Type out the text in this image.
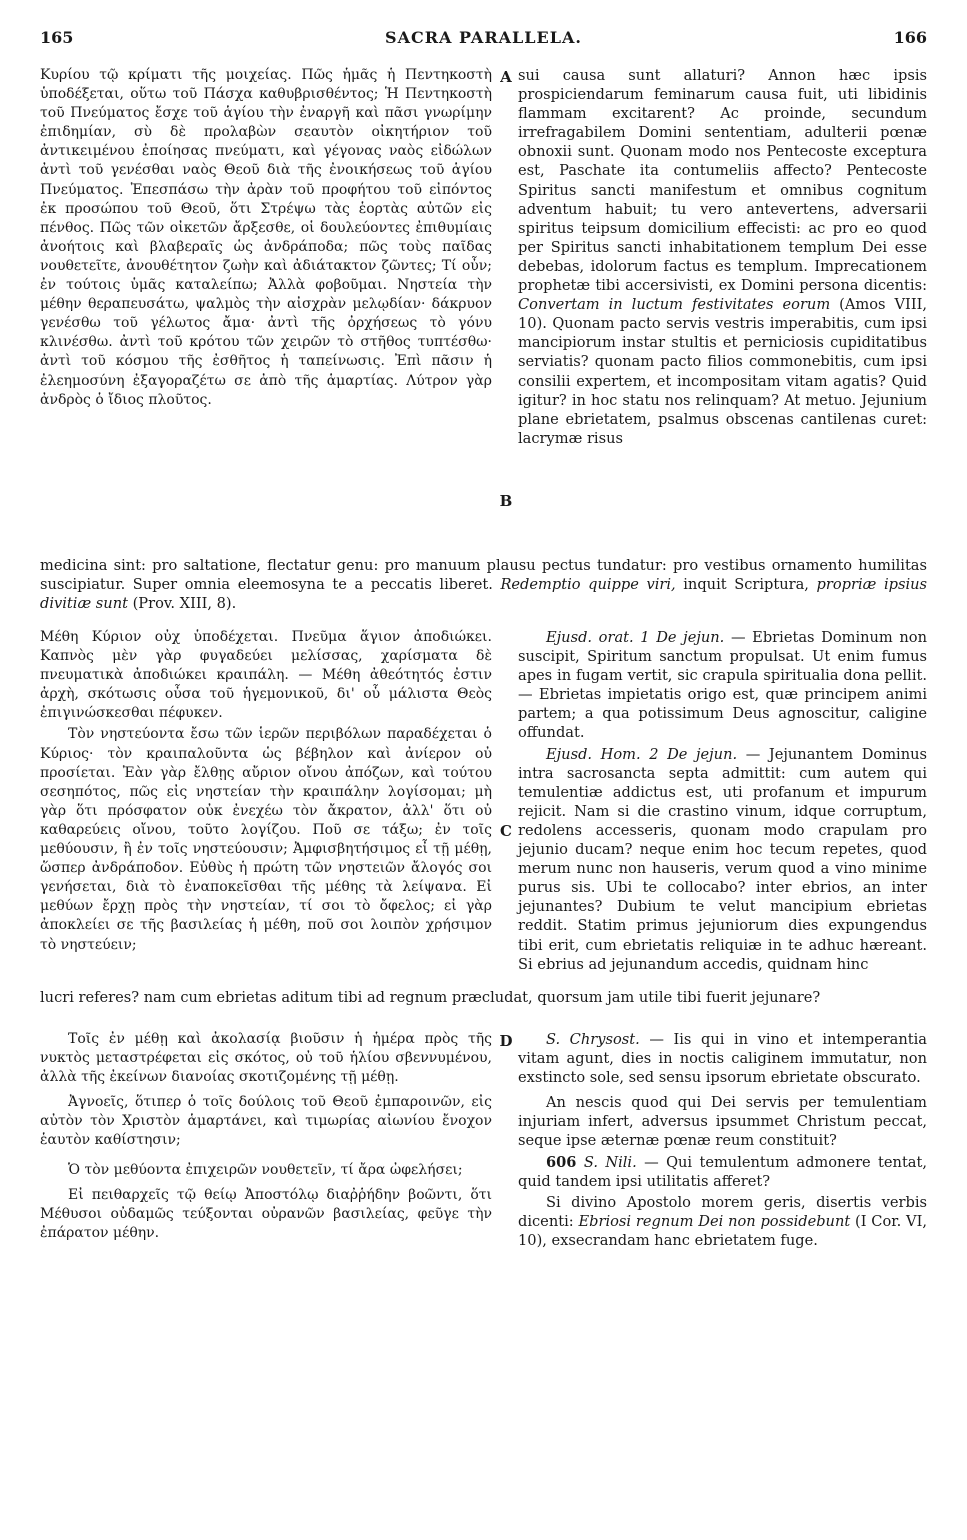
165	SACRA PARALLELA.	166

Κυρίου τῷ κρίματι τῆς μοιχείας. Πῶς ἡμᾶς ἡ Πεντηκοστὴ ὑποδέξεται, οὕτω τοῦ Πάσχα καθυβρισθέντος; Ἡ Πεντηκοστὴ τοῦ Πνεύματος ἔσχε τοῦ ἁγίου τὴν ἐναργῆ καὶ πᾶσι γνωρίμην ἐπιδημίαν, σὺ δὲ προλαβὼν σεαυτὸν οἰκητήριον τοῦ ἀντικειμένου ἐποίησας πνεύματι, καὶ γέγονας ναὸς εἰδώλων ἀντὶ τοῦ γενέσθαι ναὸς Θεοῦ διὰ τῆς ἐνοικήσεως τοῦ ἁγίου Πνεύματος. Ἐπεσπάσω τὴν ἀρὰν τοῦ προφήτου τοῦ εἰπόντος ἐκ προσώπου τοῦ Θεοῦ, ὅτι Στρέψω τὰς ἑορτὰς αὐτῶν εἰς πένθος. Πῶς τῶν οἰκετῶν ἄρξεσθε, οἱ δουλεύοντες ἐπιθυμίαις ἀνοήτοις καὶ βλαβεραῖς ὡς ἀνδράποδα; πῶς τοὺς παῖδας νουθετεῖτε, ἀνουθέτητον ζωὴν καὶ ἀδιάτακτον ζῶντες; Τί οὖν; ἐν τούτοις ὑμᾶς καταλείπω; Ἀλλὰ φοβοῦμαι. Νηστεία τὴν μέθην θεραπευσάτω, ψαλμὸς τὴν αἰσχρὰν μελῳδίαν· δάκρυον γενέσθω τοῦ γέλωτος ἄμα· ἀντὶ τῆς ὀρχήσεως τὸ γόνυ κλινέσθω. ἀντὶ τοῦ κρότου τῶν χειρῶν τὸ στῆθος τυπτέσθω· ἀντὶ τοῦ κόσμου τῆς ἐσθῆτος ἡ ταπείνωσις. Ἐπὶ πᾶσιν ἡ ἐλεημοσύνη ἐξαγοραζέτω σε ἀπὸ τῆς ἁμαρτίας. Λύτρον γὰρ ἀνδρὸς ὁ ἴδιος πλοῦτος.

A
B

sui causa sunt allaturi? Annon hæc ipsis prospiciendarum feminarum causa fuit, uti libidinis flammam excitarent? Ac proinde, secundum irrefragabilem Domini sententiam, adulterii pœnæ obnoxii sunt. Quonam modo nos Pentecoste excepturа est, Paschate ita contumeliis affecto? Pentecoste Spiritus sancti manifestum et omnibus cognitum adventum habuit; tu vero antevertens, adversarii spiritus teipsum domicilium effecisti: ac pro eo quod per Spiritus sancti inhabitationem templum Dei esse debebas, idolorum factus es templum. Imprecationem prophetæ tibi accersivisti, ex Domini persona dicentis: Convertam in luctum festivitates eorum (Amos VIII, 10). Quonam pacto servis vestris imperabitis, cum ipsi mancipiorum instar stultis et perniciosis cupiditatibus serviatis? quonam pacto filios commonebitis, cum ipsi consilii expertem, et incompositam vitam agatis? Quid igitur? in hoc statu nos relinquam? At metuo. Jejunium plane ebrietatem, psalmus obscenas cantilenas curet: lacrymæ risus

medicina sint: pro saltatione, flectatur genu: pro manuum plausu pectus tundatur: pro vestibus ornamento humilitas suscipiatur. Super omnia eleemosyna te a peccatis liberet. Redemptio quippe viri, inquit Scriptura, propriæ ipsius divitiæ sunt (Prov. XIII, 8).

Μέθη Κύριον οὐχ ὑποδέχεται. Πνεῦμα ἅγιον ἀποδιώκει. Καπνὸς μὲν γὰρ φυγαδεύει μελίσσας, χαρίσματα δὲ πνευματικὰ ἀποδιώκει κραιπάλη. — Μέθη ἀθεότητός ἐστιν ἀρχὴ, σκότωσις οὖσα τοῦ ἡγεμονικοῦ, δι' οὗ μάλιστα Θεὸς ἐπιγινώσκεσθαι πέφυκεν.

Τὸν νηστεύοντα ἔσω τῶν ἱερῶν περιβόλων παραδέχεται ὁ Κύριος· τὸν κραιπαλοῦντα ὡς βέβηλον καὶ ἀνίερον οὐ προσίεται. Ἐὰν γὰρ ἔλθῃς αὔριον οἴνου ἀπόζων, καὶ τούτου σεσηπότος, πῶς εἰς νηστείαν τὴν κραιπάλην λογίσομαι; μὴ γὰρ ὅτι πρόσφατον οὐκ ἐνεχέω τὸν ἄκρατον, ἀλλ' ὅτι οὐ καθαρεύεις οἴνου, τοῦτο λογίζου. Ποῦ σε τάξω; ἐν τοῖς μεθύουσιν, ἢ ἐν τοῖς νηστεύουσιν; Ἀμφισβητήσιμος εἶ τῇ μέθῃ, ὥσπερ ἀνδράποδον. Εὐθὺς ἡ πρώτη τῶν νηστειῶν ἄλογός σοι γενήσεται, διὰ τὸ ἐναποκεῖσθαι τῆς μέθης τὰ λείψανα. Εἰ μεθύων ἔρχῃ πρὸς τὴν νηστείαν, τί σοι τὸ ὄφελος; εἰ γὰρ ἀποκλείει σε τῆς βασιλείας ἡ μέθη, ποῦ σοι λοιπὸν χρήσιμον τὸ νηστεύειν;

C

Ejusd. orat. 1 De jejun. — Ebrietas Dominum non suscipit, Spiritum sanctum propulsat. Ut enim fumus apes in fugam vertit, sic crapula spiritualia dona pellit. — Ebrietas impietatis origo est, quæ principem animi partem; a qua potissimum Deus agnoscitur, caligine offundat.

Ejusd. Hom. 2 De jejun. — Jejunantem Dominus intra sacrosancta septa admittit: cum autem qui temulentiæ addictus est, uti profanum et impurum rejicit. Nam si die crastino vinum, idque corruptum, redolens accesseris, quonam modo crapulam pro jejunio ducam? neque enim hoc tecum repetes, quod merum nunc non hauseris, verum quod a vino minime purus sis. Ubi te collocabo? inter ebrios, an inter jejunantes? Dubium te velut mancipium ebrietas reddit. Statim primus jejuniorum dies expungendus tibi erit, cum ebrietatis reliquiæ in te adhuc hæreant. Si ebrius ad jejunandum accedis, quidnam hinc

lucri referes? nam cum ebrietas aditum tibi ad regnum præcludat, quorsum jam utile tibi fuerit jejunare?

Τοῖς ἐν μέθῃ καὶ ἀκολασίᾳ βιοῦσιν ἡ ἡμέρα πρὸς τῆς νυκτὸς μεταστρέφεται εἰς σκότος, οὐ τοῦ ἡλίου σβεννυμένου, ἀλλὰ τῆς ἐκείνων διανοίας σκοτιζομένης τῇ μέθῃ.

Ἀγνοεῖς, ὅτιπερ ὁ τοῖς δούλοις τοῦ Θεοῦ ἐμπαροινῶν, εἰς αὐτὸν τὸν Χριστὸν ἁμαρτάνει, καὶ τιμωρίας αἰωνίου ἔνοχον ἑαυτὸν καθίστησιν;

Ὁ τὸν μεθύοντα ἐπιχειρῶν νουθετεῖν, τί ἄρα ὠφελήσει;

Εἰ πειθαρχεῖς τῷ θείῳ Ἀποστόλῳ διαῤῥήδην βοῶντι, ὅτι Μέθυσοι οὐδαμῶς τεύξονται οὐρανῶν βασιλείας, φεῦγε τὴν ἐπάρατον μέθην.

D	S. Chrysost. — Iis qui in vino et intemperantia vitam agunt, dies in noctis caliginem immutatur, non exstincto sole, sed sensu ipsorum ebrietate obscurato.

An nescis quod qui Dei servis per temulentiam injuriam infert, adversus ipsummet Christum peccat, seque ipse æternæ pœnæ reum constituit?

606 S. Nili. — Qui temulentum admonere tentat, quid tandem ipsi utilitatis afferet?

Si divino Apostolo morem geris, disertis verbis dicenti: Ebriosi regnum Dei non possidebunt (I Cor. VI, 10), exsecrandam hanc ebrietatem fuge.
